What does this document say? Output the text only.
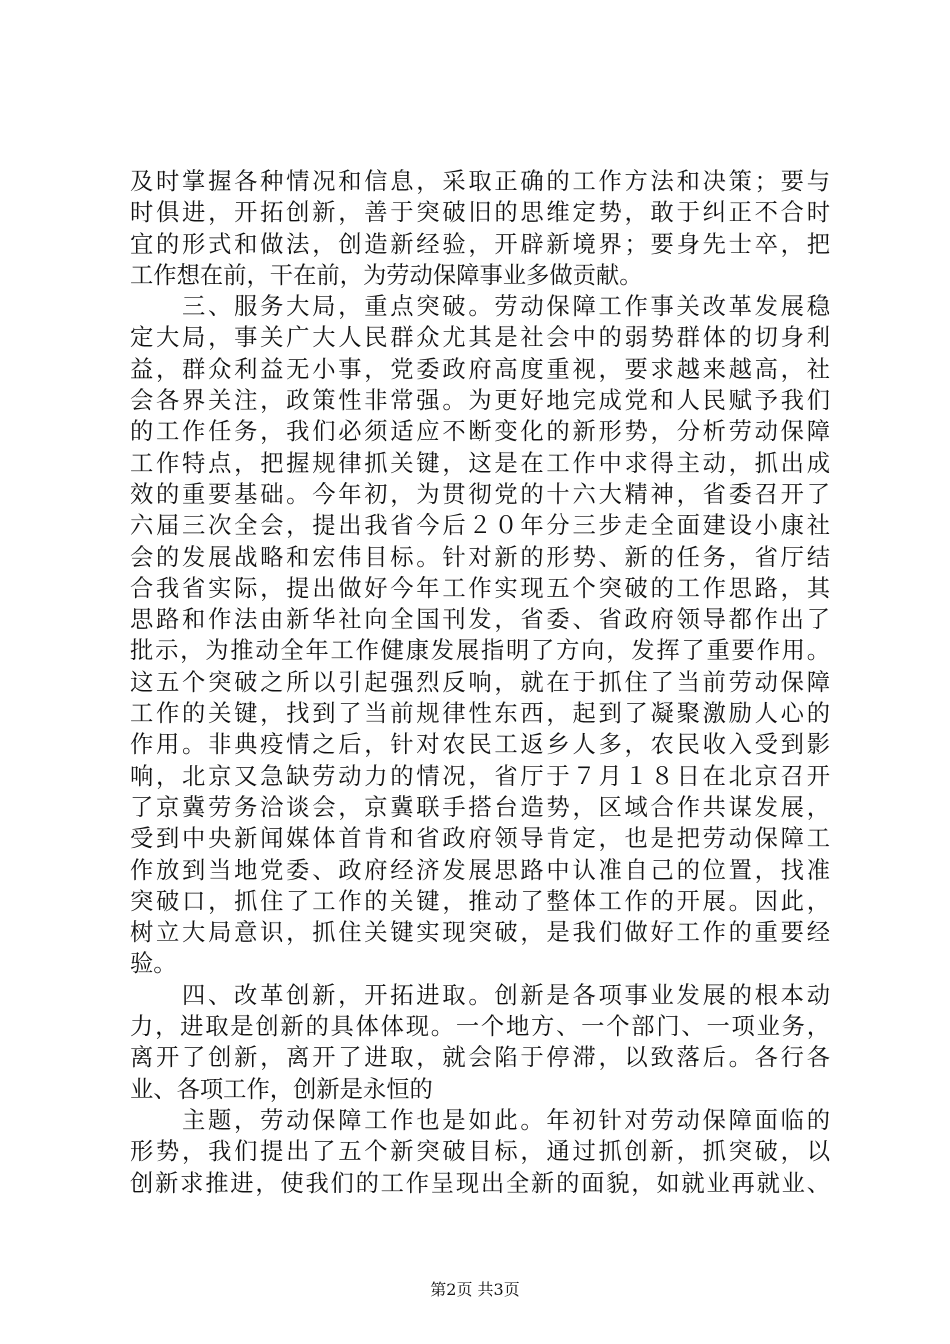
及时掌握各种情况和信息，采取正确的工作方法和决策；要与
时俱进，开拓创新，善于突破旧的思维定势，敢于纠正不合时
宜的形式和做法，创造新经验，开辟新境界；要身先士卒，把
工作想在前，干在前，为劳动保障事业多做贡献。
三、服务大局，重点突破。劳动保障工作事关改革发展稳
定大局，事关广大人民群众尤其是社会中的弱势群体的切身利
益，群众利益无小事，党委政府高度重视，要求越来越高，社
会各界关注，政策性非常强。为更好地完成党和人民赋予我们
的工作任务，我们必须适应不断变化的新形势，分析劳动保障
工作特点，把握规律抓关键，这是在工作中求得主动，抓出成
效的重要基础。今年初，为贯彻党的十六大精神，省委召开了
六届三次全会，提出我省今后２０年分三步走全面建设小康社
会的发展战略和宏伟目标。针对新的形势、新的任务，省厅结
合我省实际，提出做好今年工作实现五个突破的工作思路，其
思路和作法由新华社向全国刊发，省委、省政府领导都作出了
批示，为推动全年工作健康发展指明了方向，发挥了重要作用。
这五个突破之所以引起强烈反响，就在于抓住了当前劳动保障
工作的关键，找到了当前规律性东西，起到了凝聚激励人心的
作用。非典疫情之后，针对农民工返乡人多，农民收入受到影
响，北京又急缺劳动力的情况，省厅于７月１８日在北京召开
了京冀劳务洽谈会，京冀联手搭台造势，区域合作共谋发展，
受到中央新闻媒体首肯和省政府领导肯定，也是把劳动保障工
作放到当地党委、政府经济发展思路中认准自己的位置，找准
突破口，抓住了工作的关键，推动了整体工作的开展。因此，
树立大局意识，抓住关键实现突破，是我们做好工作的重要经
验。
四、改革创新，开拓进取。创新是各项事业发展的根本动
力，进取是创新的具体体现。一个地方、一个部门、一项业务，
离开了创新，离开了进取，就会陷于停滞，以致落后。各行各
业、各项工作，创新是永恒的
主题，劳动保障工作也是如此。年初针对劳动保障面临的
形势，我们提出了五个新突破目标，通过抓创新，抓突破，以
创新求推进，使我们的工作呈现出全新的面貌，如就业再就业、
第2页 共3页
